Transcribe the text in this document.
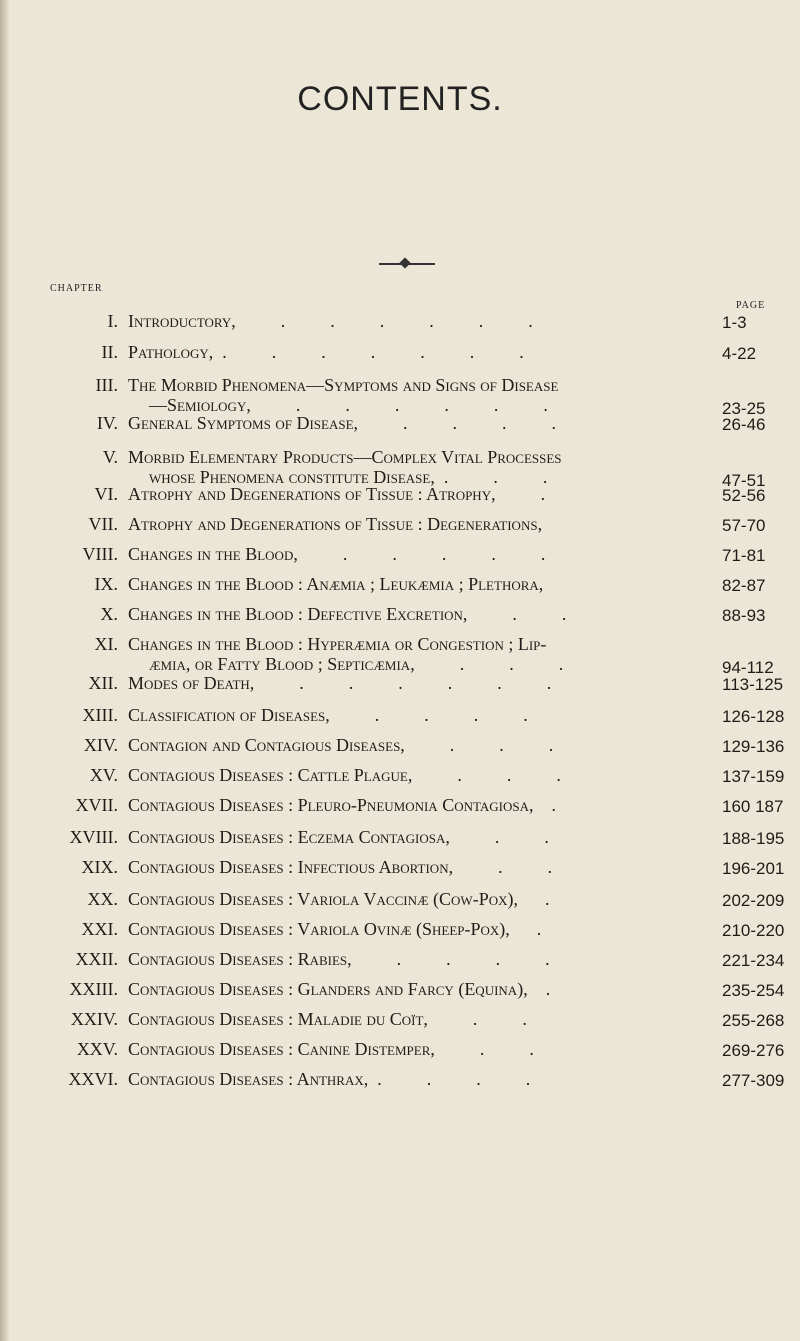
CONTENTS.
CHAPTER
PAGE
I. Introductory,          .          .          .          .          .          .	1-3
II. Pathology,  .          .          .          .          .          .          .	4-22
III. The Morbid Phenomena—Symptoms and Signs of Disease
—Semiology,          .          .          .          .          .          .	23-25
IV. General Symptoms of Disease,          .          .          .          .	26-46
V. Morbid Elementary Products—Complex Vital Processes
whose Phenomena constitute Disease,  .          .          .	47-51
VI. Atrophy and Degenerations of Tissue : Atrophy,          .	52-56
VII. Atrophy and Degenerations of Tissue : Degenerations,	57-70
VIII. Changes in the Blood,          .          .          .          .          .	71-81
IX. Changes in the Blood : Anæmia ; Leukæmia ; Plethora,	82-87
X. Changes in the Blood : Defective Excretion,          .          .	88-93
XI. Changes in the Blood : Hyperæmia or Congestion ; Lip-
æmia, or Fatty Blood ; Septicæmia,          .          .          .	94-112
XII. Modes of Death,          .          .          .          .          .          .	113-125
XIII. Classification of Diseases,          .          .          .          .	126-128
XIV. Contagion and Contagious Diseases,          .          .          .	129-136
XV. Contagious Diseases : Cattle Plague,          .          .          .	137-159
XVII. Contagious Diseases : Pleuro-Pneumonia Contagiosa,    .	160 187
XVIII. Contagious Diseases : Eczema Contagiosa,          .          .	188-195
XIX. Contagious Diseases : Infectious Abortion,          .          .	196-201
XX. Contagious Diseases : Variola Vaccinæ (Cow-Pox),      .	202-209
XXI. Contagious Diseases : Variola Ovinæ (Sheep-Pox),      .	210-220
XXII. Contagious Diseases : Rabies,          .          .          .          .	221-234
XXIII. Contagious Diseases : Glanders and Farcy (Equina),    .	235-254
XXIV. Contagious Diseases : Maladie du Coït,          .          .	255-268
XXV. Contagious Diseases : Canine Distemper,          .          .	269-276
XXVI. Contagious Diseases : Anthrax,  .          .          .          .	277-309
